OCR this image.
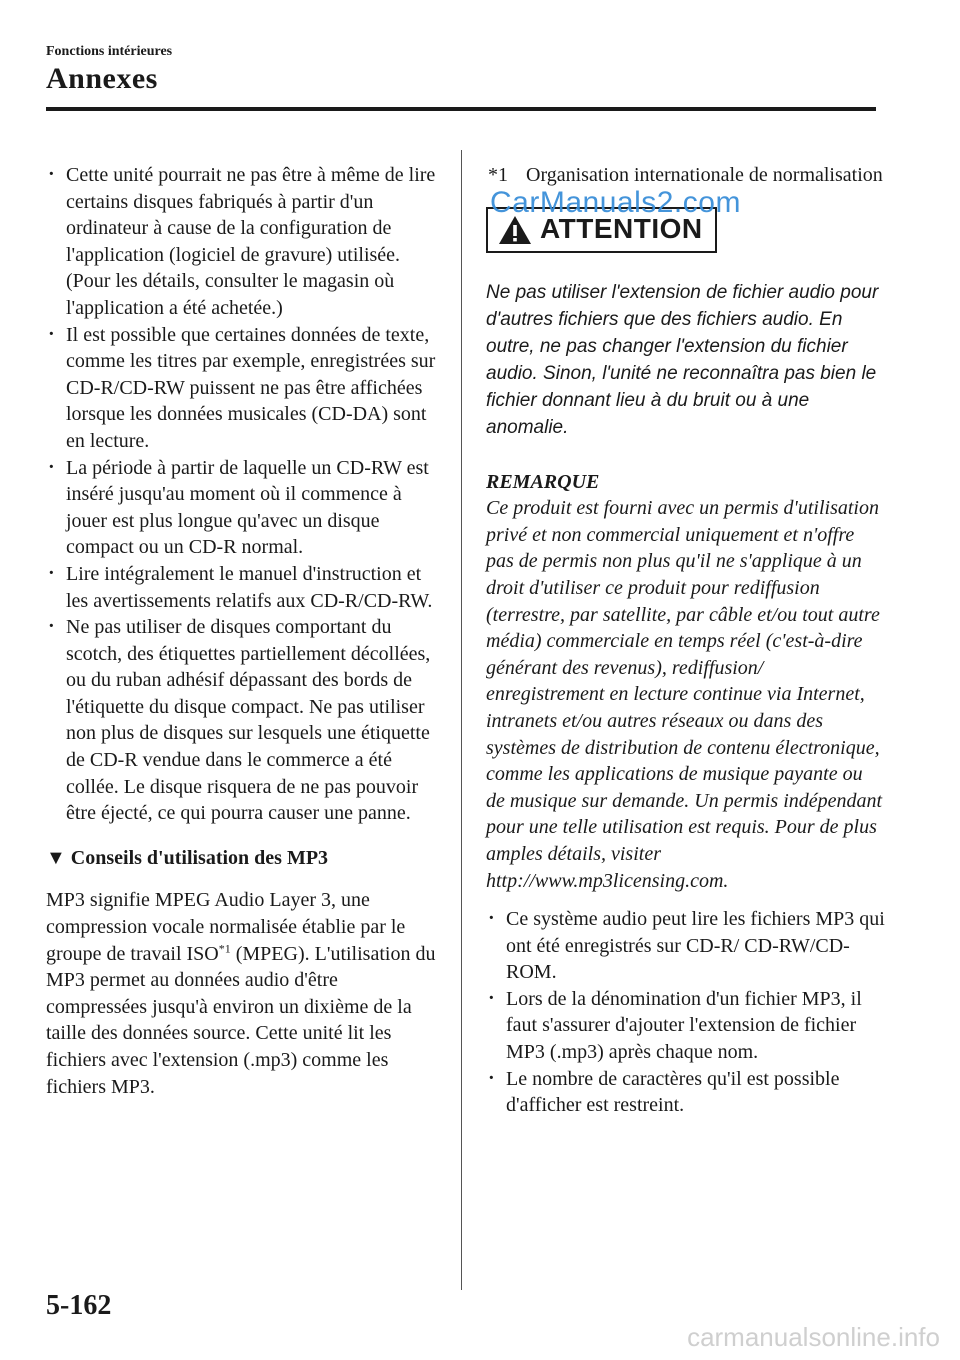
Fonctions intérieures
Annexes
· Cette unité pourrait ne pas être à même de lire certains disques fabriqués à partir d'un ordinateur à cause de la configuration de l'application (logiciel de gravure) utilisée. (Pour les détails, consulter le magasin où l'application a été achetée.)
· Il est possible que certaines données de texte, comme les titres par exemple, enregistrées sur CD-R/CD-RW puissent ne pas être affichées lorsque les données musicales (CD-DA) sont en lecture.
· La période à partir de laquelle un CD-RW est inséré jusqu'au moment où il commence à jouer est plus longue qu'avec un disque compact ou un CD-R normal.
· Lire intégralement le manuel d'instruction et les avertissements relatifs aux CD-R/CD-RW.
· Ne pas utiliser de disques comportant du scotch, des étiquettes partiellement décollées, ou du ruban adhésif dépassant des bords de l'étiquette du disque compact. Ne pas utiliser non plus de disques sur lesquels une étiquette de CD-R vendue dans le commerce a été collée. Le disque risquera de ne pas pouvoir être éjecté, ce qui pourra causer une panne.
▼ Conseils d'utilisation des MP3

MP3 signifie MPEG Audio Layer 3, une compression vocale normalisée établie par le groupe de travail ISO$^{*1}$ (MPEG). L'utilisation du MP3 permet au données audio d'être compressées jusqu'à environ un dixième de la taille des données source. Cette unité lit les fichiers avec l'extension (.mp3) comme les fichiers MP3.

*1 Organisation internationale de normalisation
ATTENTION
Ne pas utiliser l'extension de fichier audio pour d'autres fichiers que des fichiers audio. En outre, ne pas changer l'extension du fichier audio. Sinon, l'unité ne reconnaîtra pas bien le fichier donnant lieu à du bruit ou à une anomalie.
REMARQUE
Ce produit est fourni avec un permis d'utilisation privé et non commercial uniquement et n'offre pas de permis non plus qu'il ne s'applique à un droit d'utiliser ce produit pour rediffusion (terrestre, par satellite, par câble et/ou tout autre média) commerciale en temps réel (c'est-à-dire générant des revenus), rediffusion/ enregistrement en lecture continue via Internet, intranets et/ou autres réseaux ou dans des systèmes de distribution de contenu électronique, comme les applications de musique payante ou de musique sur demande. Un permis indépendant pour une telle utilisation est requis. Pour de plus amples détails, visiter http://www.mp3licensing.com.
· Ce système audio peut lire les fichiers MP3 qui ont été enregistrés sur CD-R/ CD-RW/CD-ROM.
· Lors de la dénomination d'un fichier MP3, il faut s'assurer d'ajouter l'extension de fichier MP3 (.mp3) après chaque nom.
· Le nombre de caractères qu'il est possible d'afficher est restreint.
CarManuals2.com
5-162
carmanualsonline.info
